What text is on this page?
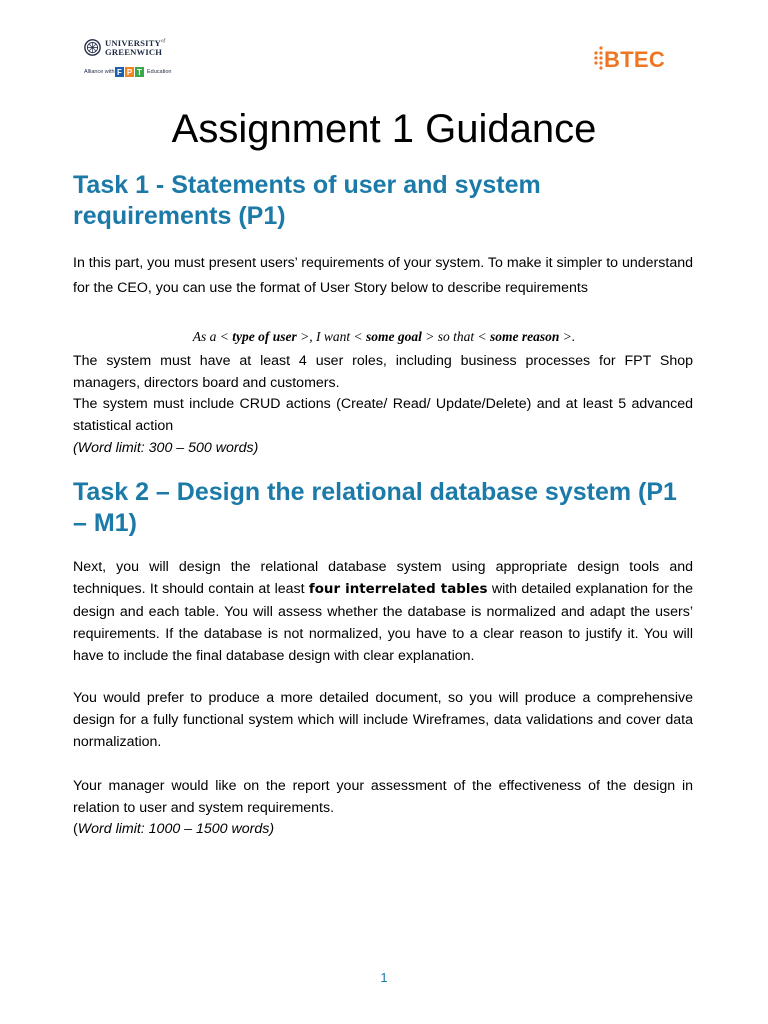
$UNIVERSITY^{of}$
GREENWICH
Alliance with F P T Education	BTEC
Assignment 1 Guidance
Task 1 - Statements of user and system requirements (P1)

In this part, you must present users’ requirements of your system. To make it simpler to understand for the CEO, you can use the format of User Story below to describe requirements

As a < type of user >, I want < some goal > so that < some reason >.

The system must have at least 4 user roles, including business processes for FPT Shop managers, directors board and customers.

The system must include CRUD actions (Create/ Read/ Update/Delete) and at least 5 advanced statistical action

(Word limit: 300 – 500 words)

Task 2 – Design the relational database system (P1 – M1)

Next, you will design the relational database system using appropriate design tools and techniques. It should contain at least four interrelated tables with detailed explanation for the design and each table. You will assess whether the database is normalized and adapt the users’ requirements. If the database is not normalized, you have to a clear reason to justify it. You will have to include the final database design with clear explanation.

You would prefer to produce a more detailed document, so you will produce a comprehensive design for a fully functional system which will include Wireframes, data validations and cover data normalization.

Your manager would like on the report your assessment of the effectiveness of the design in relation to user and system requirements.

(Word limit: 1000 – 1500 words)

1
